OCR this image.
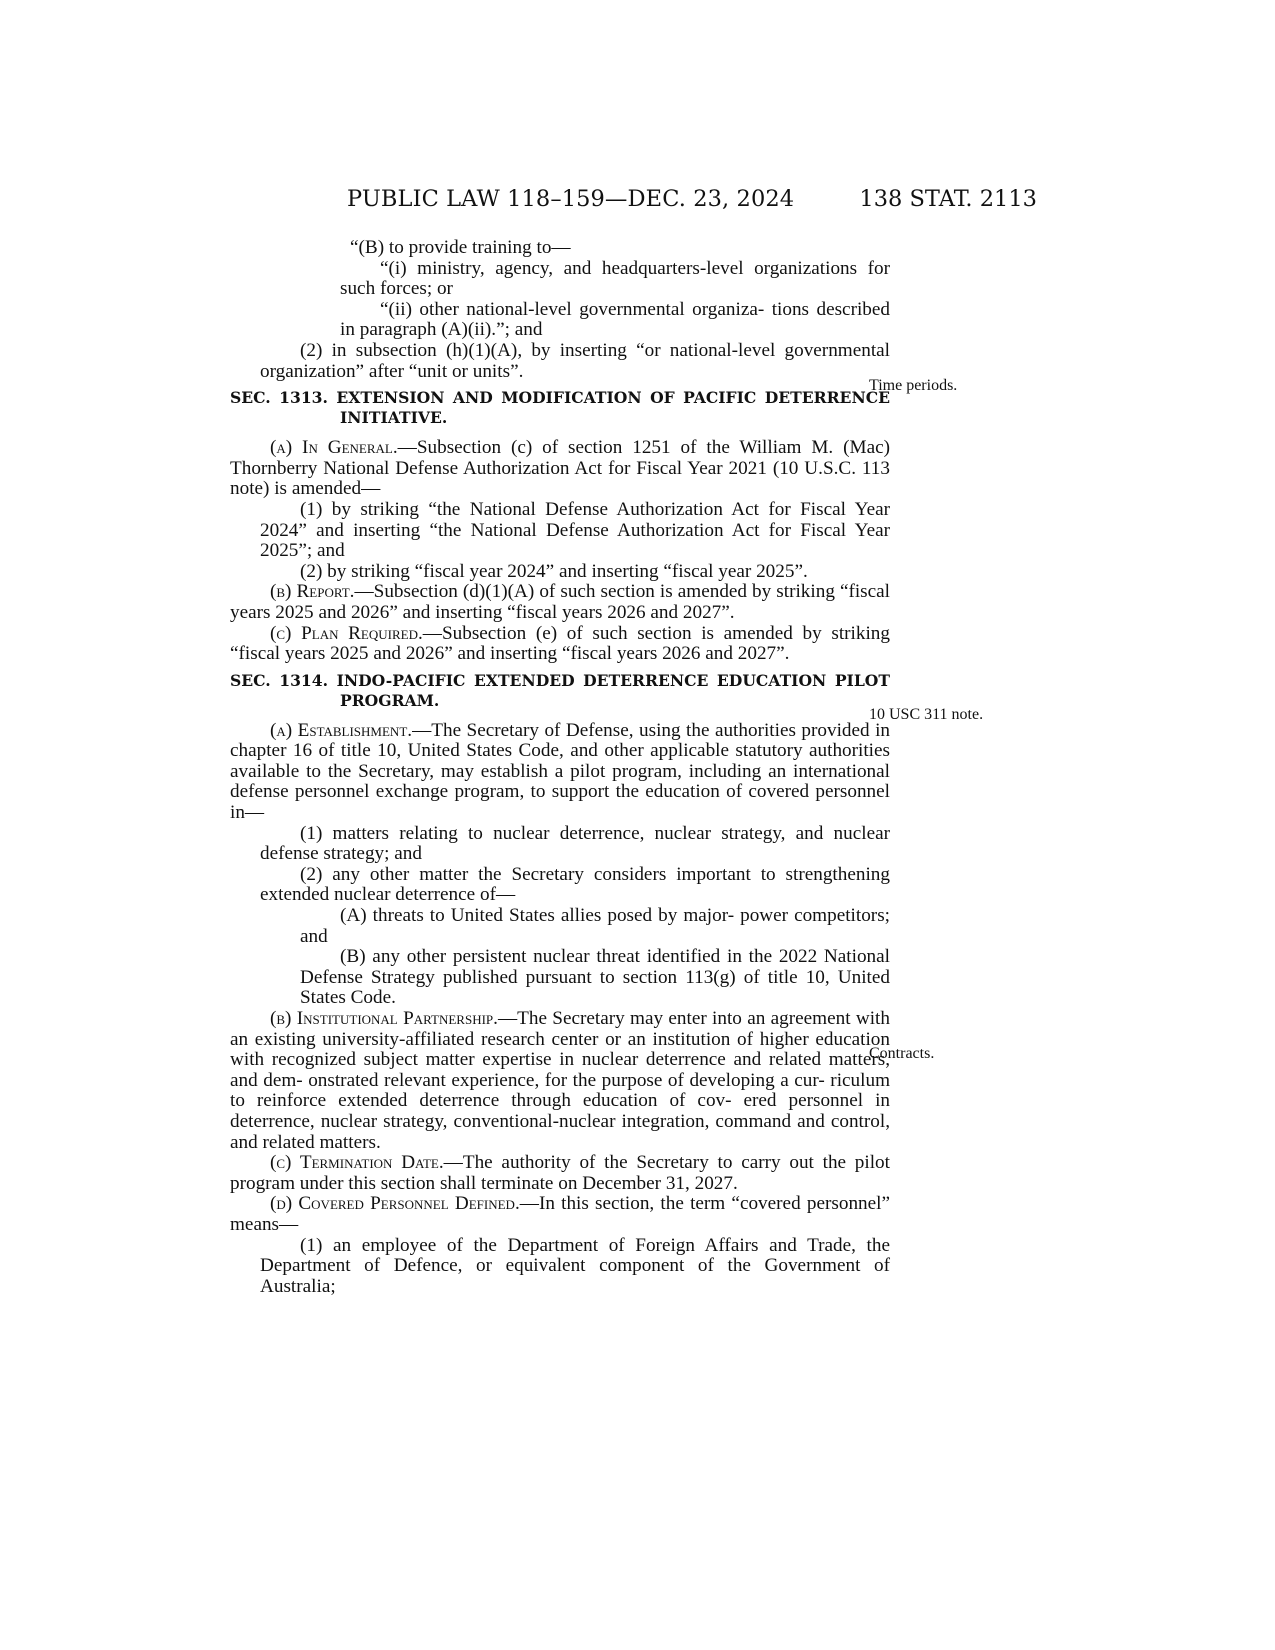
PUBLIC LAW 118–159—DEC. 23, 2024	138 STAT. 2113
Time periods.
10 USC 311 note.
Contracts.

“(B) to provide training to—

“(i) ministry, agency, and headquarters-level organizations for such forces; or

“(ii) other national-level governmental organiza- tions described in paragraph (A)(ii).”; and

(2) in subsection (h)(1)(A), by inserting “or national-level governmental organization” after “unit or units”.

SEC. 1313. EXTENSION AND MODIFICATION OF PACIFIC DETERRENCE INITIATIVE.

(a) In General.—Subsection (c) of section 1251 of the William M. (Mac) Thornberry National Defense Authorization Act for Fiscal Year 2021 (10 U.S.C. 113 note) is amended—

(1) by striking “the National Defense Authorization Act for Fiscal Year 2024” and inserting “the National Defense Authorization Act for Fiscal Year 2025”; and

(2) by striking “fiscal year 2024” and inserting “fiscal year 2025”.

(b) Report.—Subsection (d)(1)(A) of such section is amended by striking “fiscal years 2025 and 2026” and inserting “fiscal years 2026 and 2027”.

(c) Plan Required.—Subsection (e) of such section is amended by striking “fiscal years 2025 and 2026” and inserting “fiscal years 2026 and 2027”.

SEC. 1314. INDO-PACIFIC EXTENDED DETERRENCE EDUCATION PILOT PROGRAM.

(a) Establishment.—The Secretary of Defense, using the authorities provided in chapter 16 of title 10, United States Code, and other applicable statutory authorities available to the Secretary, may establish a pilot program, including an international defense personnel exchange program, to support the education of covered personnel in—

(1) matters relating to nuclear deterrence, nuclear strategy, and nuclear defense strategy; and

(2) any other matter the Secretary considers important to strengthening extended nuclear deterrence of—

(A) threats to United States allies posed by major- power competitors; and

(B) any other persistent nuclear threat identified in the 2022 National Defense Strategy published pursuant to section 113(g) of title 10, United States Code.

(b) Institutional Partnership.—The Secretary may enter into an agreement with an existing university-affiliated research center or an institution of higher education with recognized subject matter expertise in nuclear deterrence and related matters, and dem- onstrated relevant experience, for the purpose of developing a cur- riculum to reinforce extended deterrence through education of cov- ered personnel in deterrence, nuclear strategy, conventional-nuclear integration, command and control, and related matters.

(c) Termination Date.—The authority of the Secretary to carry out the pilot program under this section shall terminate on December 31, 2027.

(d) Covered Personnel Defined.—In this section, the term “covered personnel” means—

(1) an employee of the Department of Foreign Affairs and Trade, the Department of Defence, or equivalent component of the Government of Australia;
